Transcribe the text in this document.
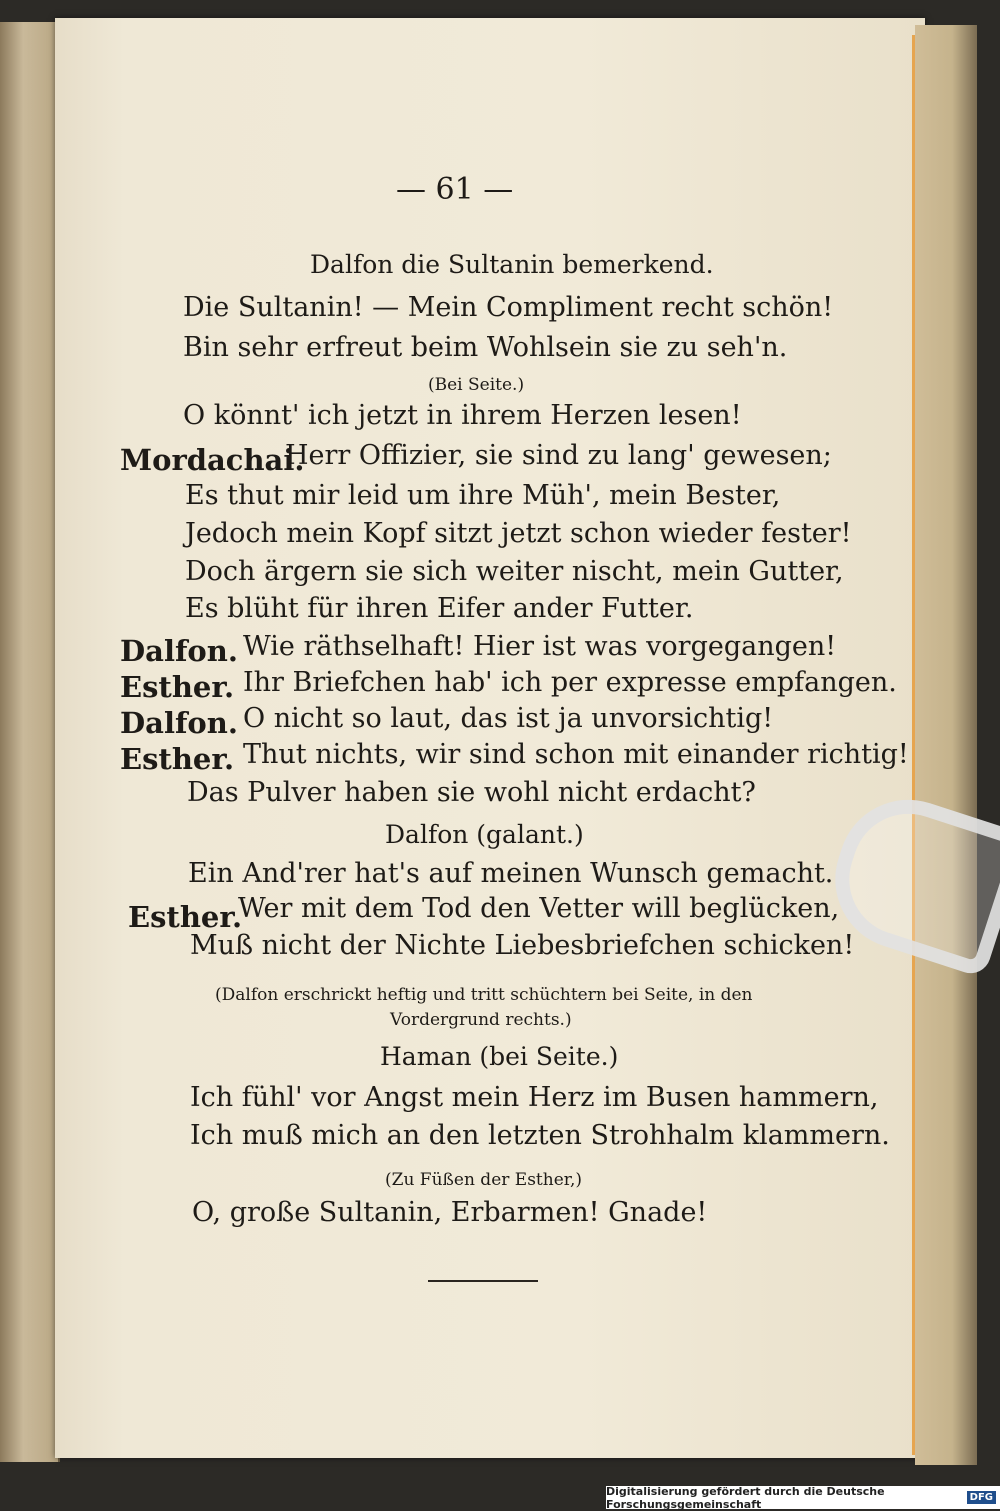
— 61 —
Dalfon die Sultanin bemerkend.
Die Sultanin! — Mein Compliment recht schön!
Bin sehr erfreut beim Wohlsein sie zu seh'n.
(Bei Seite.)
O könnt' ich jetzt in ihrem Herzen lesen!
Mordachai.
Herr Offizier, sie sind zu lang' gewesen;
Es thut mir leid um ihre Müh', mein Bester,
Jedoch mein Kopf sitzt jetzt schon wieder fester!
Doch ärgern sie sich weiter nischt, mein Gutter,
Es blüht für ihren Eifer ander Futter.
Dalfon. Wie räthselhaft! Hier ist was vorgegangen!
Esther. Ihr Briefchen hab' ich per expresse empfangen.
Dalfon. O nicht so laut, das ist ja unvorsichtig!
Esther. Thut nichts, wir sind schon mit einander richtig!
Das Pulver haben sie wohl nicht erdacht?
Dalfon (galant.)
Ein And'rer hat's auf meinen Wunsch gemacht.
Esther.
Wer mit dem Tod den Vetter will beglücken,
Muß nicht der Nichte Liebesbriefchen schicken!
(Dalfon erschrickt heftig und tritt schüchtern bei Seite, in den
Vordergrund rechts.)
Haman (bei Seite.)
Ich fühl' vor Angst mein Herz im Busen hammern,
Ich muß mich an den letzten Strohhalm klammern.
(Zu Füßen der Esther,)
O, große Sultanin, Erbarmen! Gnade!
Digitalisierung gefördert durch die Deutsche Forschungsgemeinschaft	DFG
